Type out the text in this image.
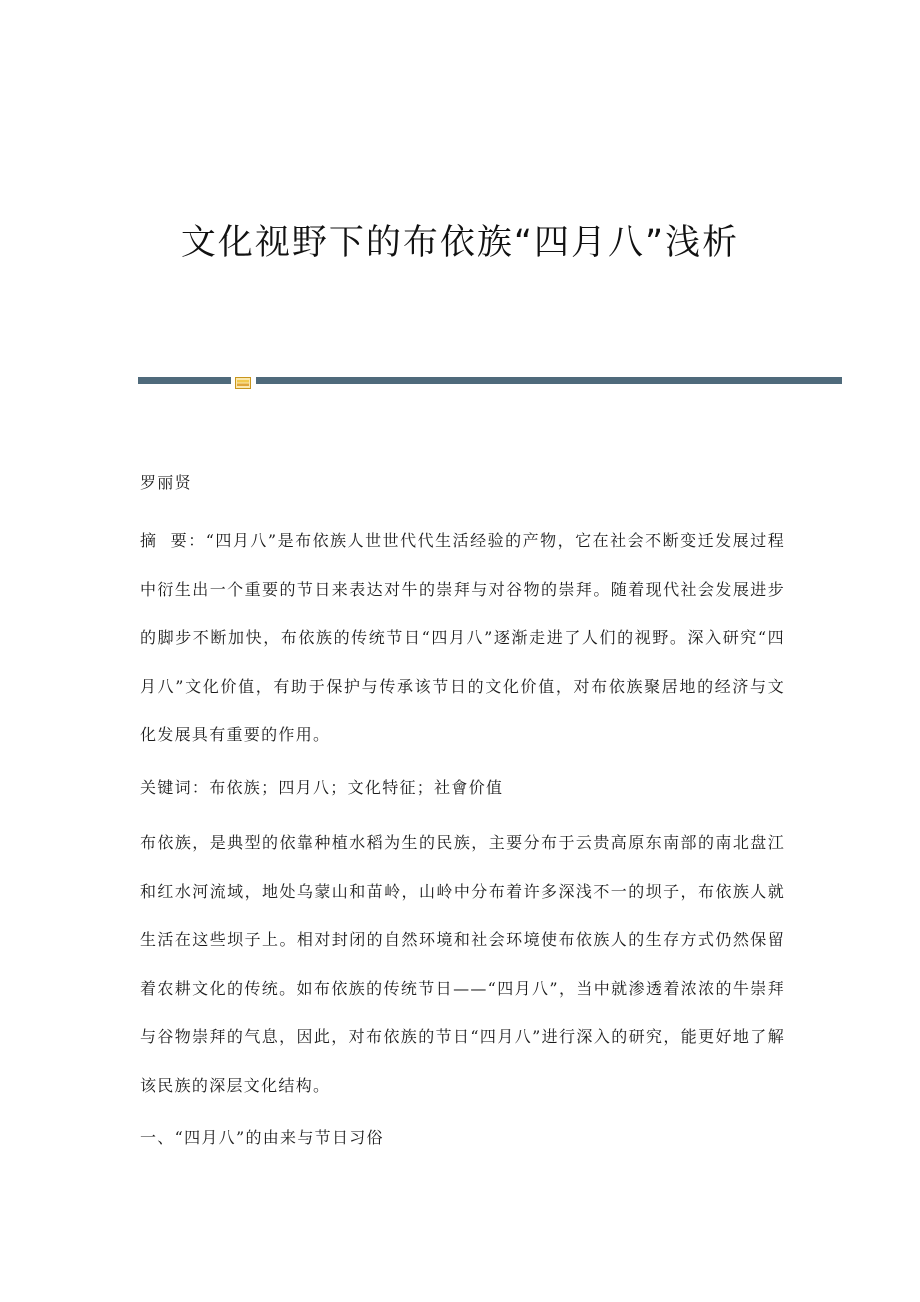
文化视野下的布依族“四月八”浅析

罗丽贤

摘  要：“四月八”是布依族人世世代代生活经验的产物，它在社会不断变迁发展过程中衍生出一个重要的节日来表达对牛的崇拜与对谷物的崇拜。随着现代社会发展进步的脚步不断加快，布依族的传统节日“四月八”逐渐走进了人们的视野。深入研究“四月八”文化价值，有助于保护与传承该节日的文化价值，对布依族聚居地的经济与文化发展具有重要的作用。

关键词：布依族；四月八；文化特征；社會价值

布依族，是典型的依靠种植水稻为生的民族，主要分布于云贵高原东南部的南北盘江和红水河流域，地处乌蒙山和苗岭，山岭中分布着许多深浅不一的坝子，布依族人就生活在这些坝子上。相对封闭的自然环境和社会环境使布依族人的生存方式仍然保留着农耕文化的传统。如布依族的传统节日——“四月八”，当中就渗透着浓浓的牛崇拜与谷物崇拜的气息，因此，对布依族的节日“四月八”进行深入的研究，能更好地了解该民族的深层文化结构。

一、“四月八”的由来与节日习俗
